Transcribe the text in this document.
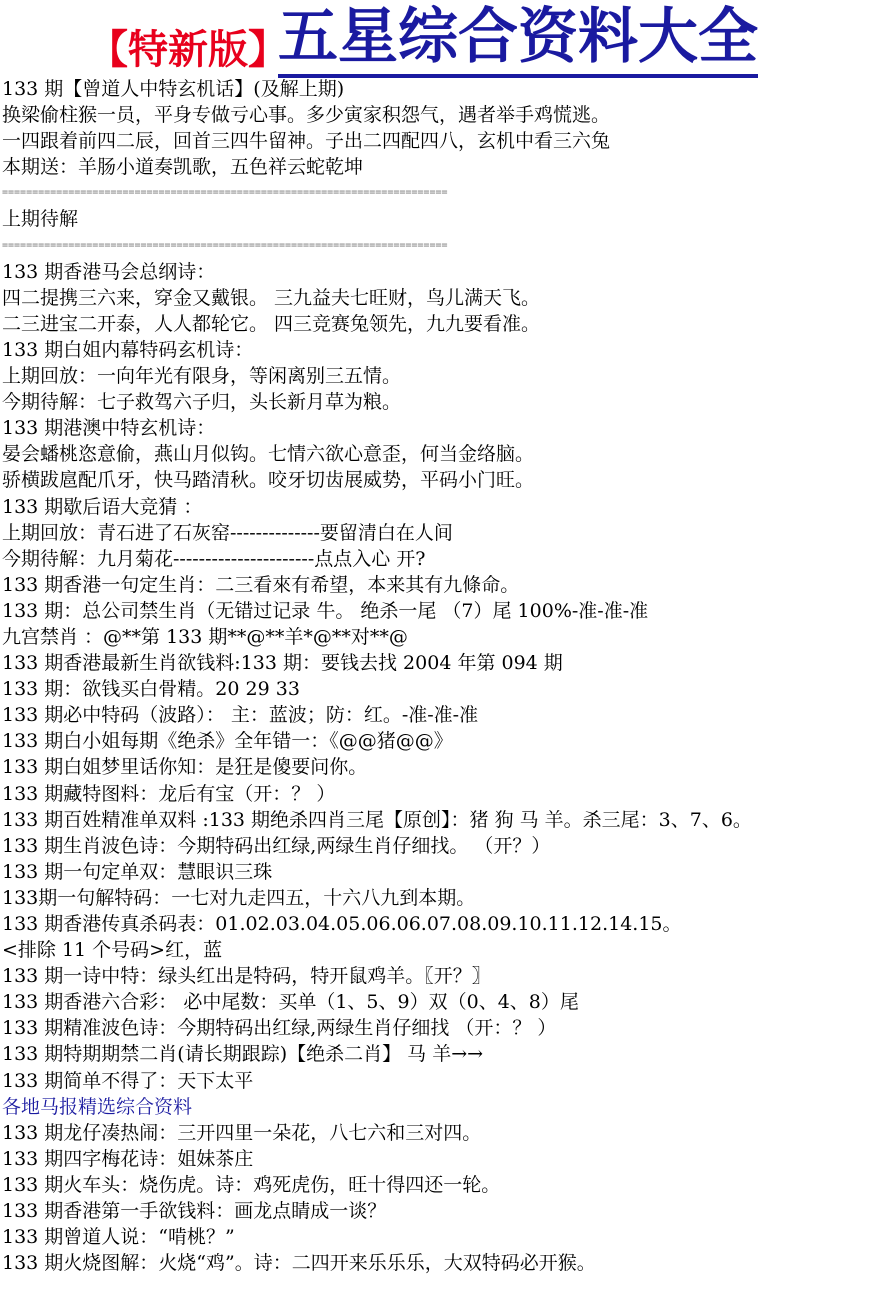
【特新版】
五星综合资料大全
133 期【曾道人中特玄机话】(及解上期)
换梁偷柱猴一员，平身专做亏心事。多少寅家积怨气，遇者举手鸡慌逃。
一四跟着前四二辰，回首三四牛留神。子出二四配四八，玄机中看三六兔
本期送：羊肠小道奏凯歌，五色祥云蛇乾坤
==========================================================================
上期待解
==========================================================================
133 期香港马会总纲诗：
四二提携三六来，穿金又戴银。 三九益夫七旺财，鸟儿满天飞。
二三进宝二开泰，人人都轮它。 四三竞赛兔领先，九九要看准。
133 期白姐内幕特码玄机诗：
上期回放：一向年光有限身，等闲离别三五情。
今期待解：七子救驾六子归，头长新月草为粮。
133 期港澳中特玄机诗：
晏会蟠桃恣意偷，燕山月似钩。七情六欲心意歪，何当金络脑。
骄横跋扈配爪牙，快马踏清秋。咬牙切齿展威势，平码小门旺。
133 期歇后语大竞猜 ：
上期回放：青石进了石灰窑--------------要留清白在人间
今期待解：九月菊花----------------------点点入心 开?
133 期香港一句定生肖：二三看來有希望，本来其有九條命。
133 期：总公司禁生肖（无错过记录 牛。 绝杀一尾 （7）尾 100%-准-准-准
九宫禁肖 ：@**第 133 期**@**羊*@**对**@
133 期香港最新生肖欲钱料:133 期：要钱去找 2004 年第 094 期
133 期：欲钱买白骨精。20 29 33
133 期必中特码（波路）： 主：蓝波；防：红。-准-准-准
133 期白小姐每期《绝杀》全年错一：《@@猪@@》
133 期白姐梦里话你知：是狂是傻要问你。
133 期藏特图料：龙后有宝（开：？ ）
133 期百姓精准单双料 :133 期绝杀四肖三尾【原创】：猪 狗 马 羊。杀三尾：3、7、6。
133 期生肖波色诗：今期特码出红绿,两绿生肖仔细找。 （开？）
133 期一句定单双：慧眼识三珠
133期一句解特码：一七对九走四五，十六八九到本期。
133 期香港传真杀码表：01.02.03.04.05.06.06.07.08.09.10.11.12.14.15。
<排除 11 个号码>红，蓝
133 期一诗中特：绿头红出是特码，特开鼠鸡羊。〖开？〗
133 期香港六合彩： 必中尾数：买单（1、5、9）双（0、4、8）尾
133 期精准波色诗：今期特码出红绿,两绿生肖仔细找 （开：？ ）
133 期特期期禁二肖(请长期跟踪)【绝杀二肖】 马 羊→→
133 期简单不得了：天下太平
各地马报精选综合资料
133 期龙仔凑热闹：三开四里一朵花，八七六和三对四。
133 期四字梅花诗：姐妹茶庄
133 期火车头：烧伤虎。诗：鸡死虎伤，旺十得四还一轮。
133 期香港第一手欲钱料：画龙点睛成一谈？
133 期曾道人说：“啃桃？”
133 期火烧图解：火烧“鸡”。诗：二四开来乐乐乐，大双特码必开猴。
